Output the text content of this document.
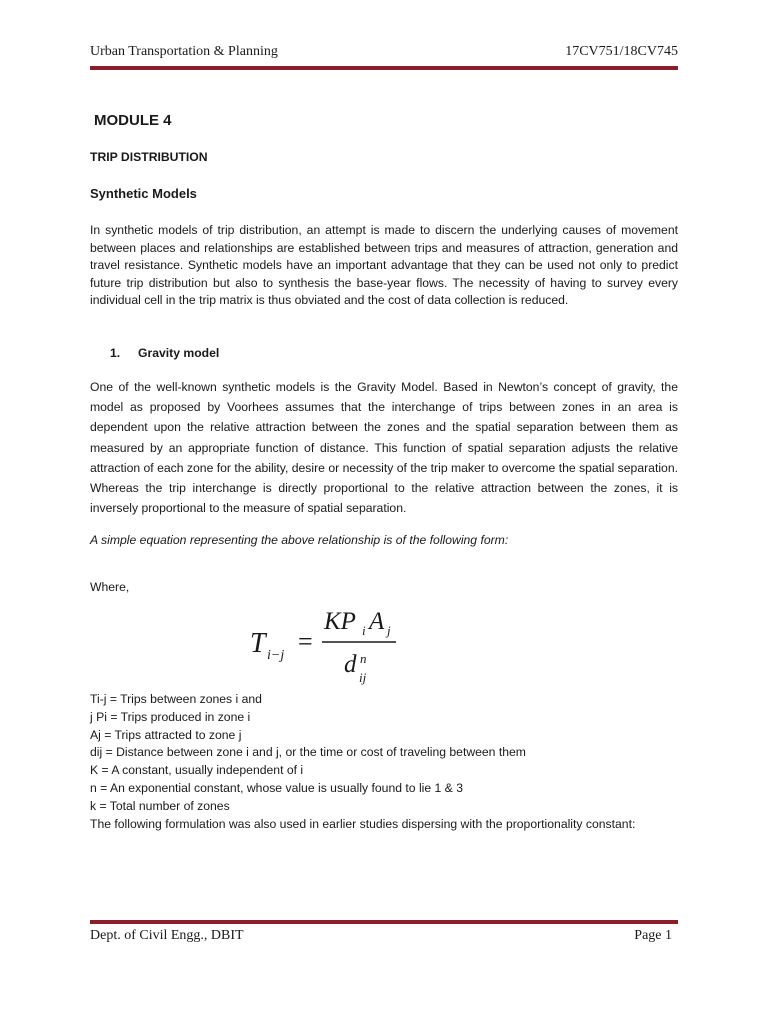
Urban Transportation & Planning	17CV751/18CV745
MODULE 4
TRIP DISTRIBUTION
Synthetic Models

In synthetic models of trip distribution, an attempt is made to discern the underlying causes of movement between places and relationships are established between trips and measures of attraction, generation and travel resistance. Synthetic models have an important advantage that they can be used not only to predict future trip distribution but also to synthesis the base-year flows. The necessity of having to survey every individual cell in the trip matrix is thus obviated and the cost of data collection is reduced.

1. Gravity model

One of the well-known synthetic models is the Gravity Model. Based in Newton’s concept of gravity, the model as proposed by Voorhees assumes that the interchange of trips between zones in an area is dependent upon the relative attraction between the zones and the spatial separation between them as measured by an appropriate function of distance. This function of spatial separation adjusts the relative attraction of each zone for the ability, desire or necessity of the trip maker to overcome the spatial separation. Whereas the trip interchange is directly proportional to the relative attraction between the zones, it is inversely proportional to the measure of spatial separation.

A simple equation representing the above relationship is of the following form:
Where,
T i−j =
KP i A j
d n
ij
Ti-j = Trips between zones i and
j Pi = Trips produced in zone i
Aj = Trips attracted to zone j
dij = Distance between zone i and j, or the time or cost of traveling between them
K = A constant, usually independent of i
n = An exponential constant, whose value is usually found to lie 1 & 3
k = Total number of zones
The following formulation was also used in earlier studies dispersing with the proportionality constant:
Dept. of Civil Engg., DBIT	Page 1
